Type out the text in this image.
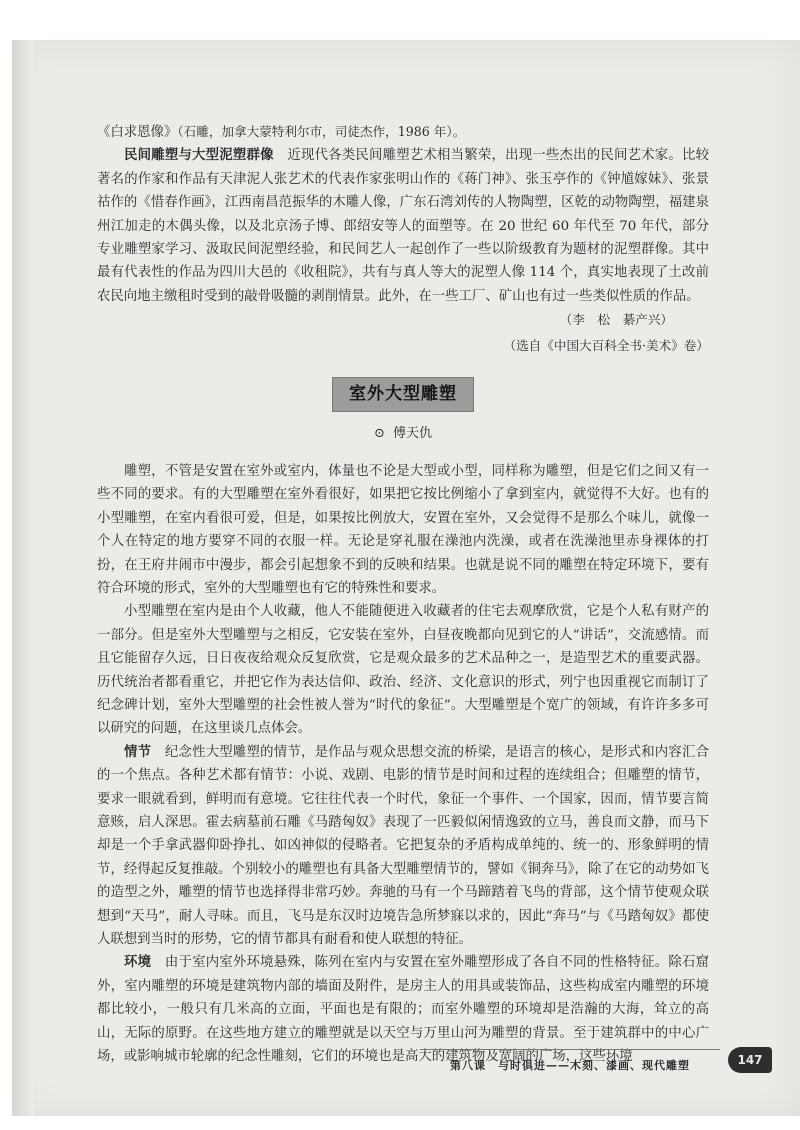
《白求恩像》（石雕，加拿大蒙特利尔市，司徒杰作，1986 年）。

民间雕塑与大型泥塑群像　 近现代各类民间雕塑艺术相当繁荣，出现一些杰出的民间艺术家。比较著名的作家和作品有天津泥人张艺术的代表作家张明山作的《蒋门神》、张玉亭作的《钟馗嫁妹》、张景祜作的《惜春作画》，江西南昌范振华的木雕人像，广东石湾刘传的人物陶塑，区乾的动物陶塑，福建泉州江加走的木偶头像，以及北京汤子博、郎绍安等人的面塑等。在 20 世纪 60 年代至 70 年代，部分专业雕塑家学习、汲取民间泥塑经验，和民间艺人一起创作了一些以阶级教育为题材的泥塑群像。其中最有代表性的作品为四川大邑的《收租院》，共有与真人等大的泥塑人像 114 个，真实地表现了土改前农民向地主缴租时受到的敲骨吸髓的剥削情景。此外，在一些工厂、矿山也有过一些类似性质的作品。

（李　松　綦产兴）

（选自《中国大百科全书·美术》卷）

室外大型雕塑
⊙ 傅天仇

雕塑，不管是安置在室外或室内，体量也不论是大型或小型，同样称为雕塑，但是它们之间又有一些不同的要求。有的大型雕塑在室外看很好，如果把它按比例缩小了拿到室内，就觉得不大好。也有的小型雕塑，在室内看很可爱，但是，如果按比例放大，安置在室外，又会觉得不是那么个味儿，就像一个人在特定的地方要穿不同的衣服一样。无论是穿礼服在澡池内洗澡，或者在洗澡池里赤身裸体的打扮，在王府井闹市中漫步，都会引起想象不到的反映和结果。也就是说不同的雕塑在特定环境下，要有符合环境的形式，室外的大型雕塑也有它的特殊性和要求。

小型雕塑在室内是由个人收藏，他人不能随便进入收藏者的住宅去观摩欣赏，它是个人私有财产的一部分。但是室外大型雕塑与之相反，它安装在室外，白昼夜晚都向见到它的人“讲话”，交流感情。而且它能留存久远，日日夜夜给观众反复欣赏，它是观众最多的艺术品种之一，是造型艺术的重要武器。历代统治者都看重它，并把它作为表达信仰、政治、经济、文化意识的形式，列宁也因重视它而制订了纪念碑计划，室外大型雕塑的社会性被人誉为“时代的象征”。大型雕塑是个宽广的领域，有许许多多可以研究的问题，在这里谈几点体会。

情节　 纪念性大型雕塑的情节，是作品与观众思想交流的桥梁，是语言的核心，是形式和内容汇合的一个焦点。各种艺术都有情节：小说、戏剧、电影的情节是时间和过程的连续组合；但雕塑的情节，要求一眼就看到，鲜明而有意境。它往往代表一个时代，象征一个事件、一个国家，因而，情节要言简意赅，启人深思。霍去病墓前石雕《马踏匈奴》表现了一匹毅似闲情逸致的立马，善良而文静，而马下却是一个手拿武器仰卧挣扎、如凶神似的侵略者。它把复杂的矛盾构成单纯的、统一的、形象鲜明的情节，经得起反复推敲。个别较小的雕塑也有具备大型雕塑情节的，譬如《铜奔马》，除了在它的动势如飞的造型之外，雕塑的情节也选择得非常巧妙。奔驰的马有一个马蹄踏着飞鸟的背部，这个情节使观众联想到“天马”，耐人寻味。而且，飞马是东汉时边境告急所梦寐以求的，因此“奔马”与《马踏匈奴》都使人联想到当时的形势，它的情节都具有耐看和使人联想的特征。

环境　 由于室内室外环境悬殊，陈列在室内与安置在室外雕塑形成了各自不同的性格特征。除石窟外，室内雕塑的环境是建筑物内部的墙面及附件，是房主人的用具或装饰品，这些构成室内雕塑的环境都比较小，一般只有几米高的立面，平面也是有限的；而室外雕塑的环境却是浩瀚的大海，耸立的高山，无际的原野。在这些地方建立的雕塑就是以天空与万里山河为雕塑的背景。至于建筑群中的中心广场，或影响城市轮廓的纪念性雕刻，它们的环境也是高大的建筑物及宽阔的广场，这些环境

第八课　与时俱进——木刻、漆画、现代雕塑	147
